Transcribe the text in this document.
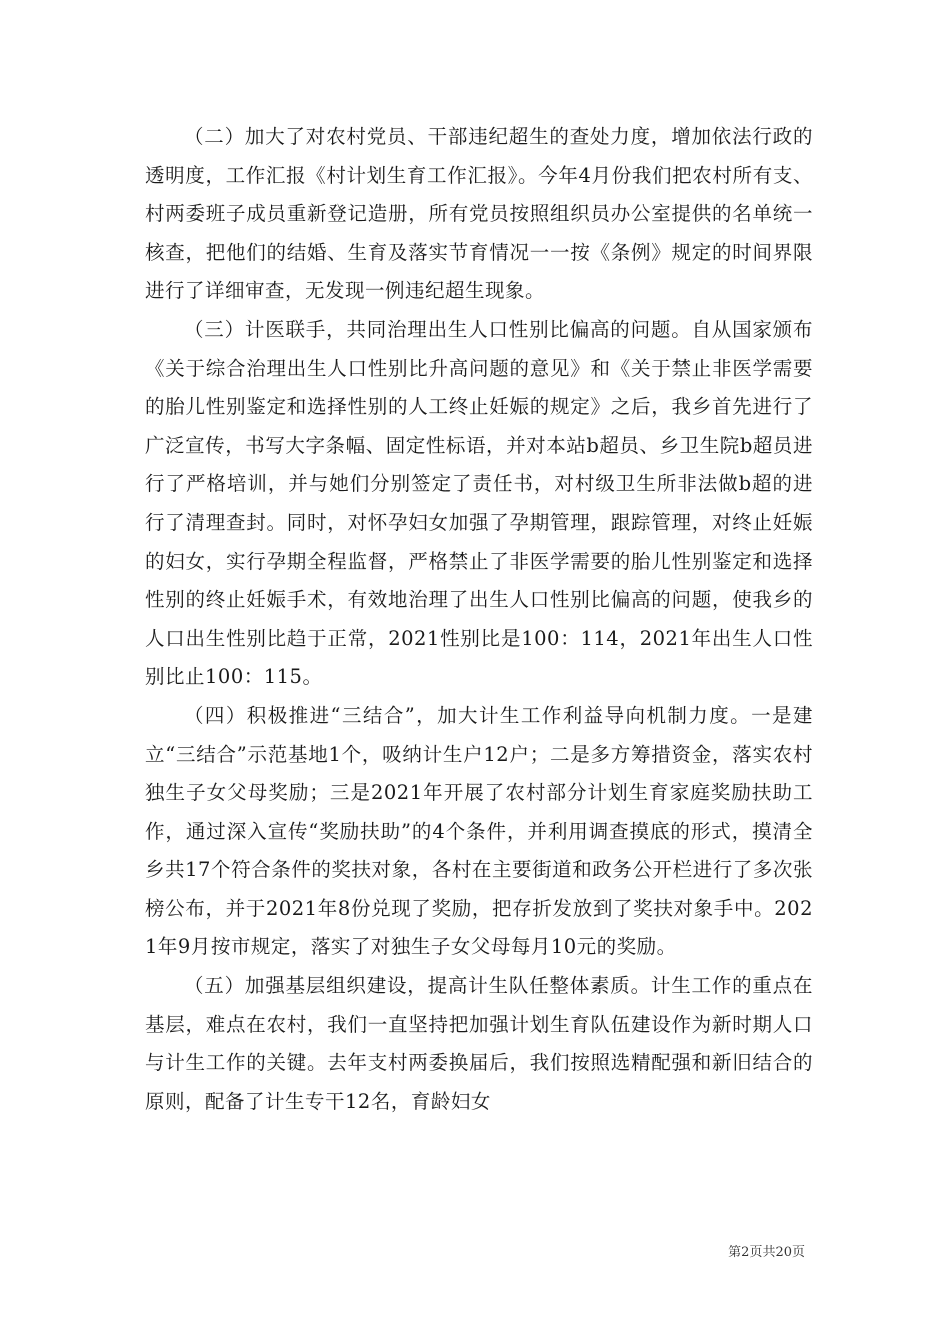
（二）加大了对农村党员、干部违纪超生的查处力度，增加依法行政的透明度，工作汇报《村计划生育工作汇报》。今年4月份我们把农村所有支、村两委班子成员重新登记造册，所有党员按照组织员办公室提供的名单统一核查，把他们的结婚、生育及落实节育情况一一按《条例》规定的时间界限进行了详细审查，无发现一例违纪超生现象。

（三）计医联手，共同治理出生人口性别比偏高的问题。自从国家颁布《关于综合治理出生人口性别比升高问题的意见》和《关于禁止非医学需要的胎儿性别鉴定和选择性别的人工终止妊娠的规定》之后，我乡首先进行了广泛宣传，书写大字条幅、固定性标语，并对本站b超员、乡卫生院b超员进行了严格培训，并与她们分别签定了责任书，对村级卫生所非法做b超的进行了清理查封。同时，对怀孕妇女加强了孕期管理，跟踪管理，对终止妊娠的妇女，实行孕期全程监督，严格禁止了非医学需要的胎儿性别鉴定和选择性别的终止妊娠手术，有效地治理了出生人口性别比偏高的问题，使我乡的人口出生性别比趋于正常，2021性别比是100：114，2021年出生人口性别比止100：115。

（四）积极推进“三结合”，加大计生工作利益导向机制力度。一是建立“三结合”示范基地1个，吸纳计生户12户；二是多方筹措资金，落实农村独生子女父母奖励；三是2021年开展了农村部分计划生育家庭奖励扶助工作，通过深入宣传“奖励扶助”的4个条件，并利用调查摸底的形式，摸清全乡共17个符合条件的奖扶对象，各村在主要街道和政务公开栏进行了多次张榜公布，并于2021年8份兑现了奖励，把存折发放到了奖扶对象手中。2021年9月按市规定，落实了对独生子女父母每月10元的奖励。

（五）加强基层组织建设，提高计生队任整体素质。计生工作的重点在基层，难点在农村，我们一直坚持把加强计划生育队伍建设作为新时期人口与计生工作的关键。去年支村两委换届后，我们按照选精配强和新旧结合的原则，配备了计生专干12名，育龄妇女

第2页共20页
